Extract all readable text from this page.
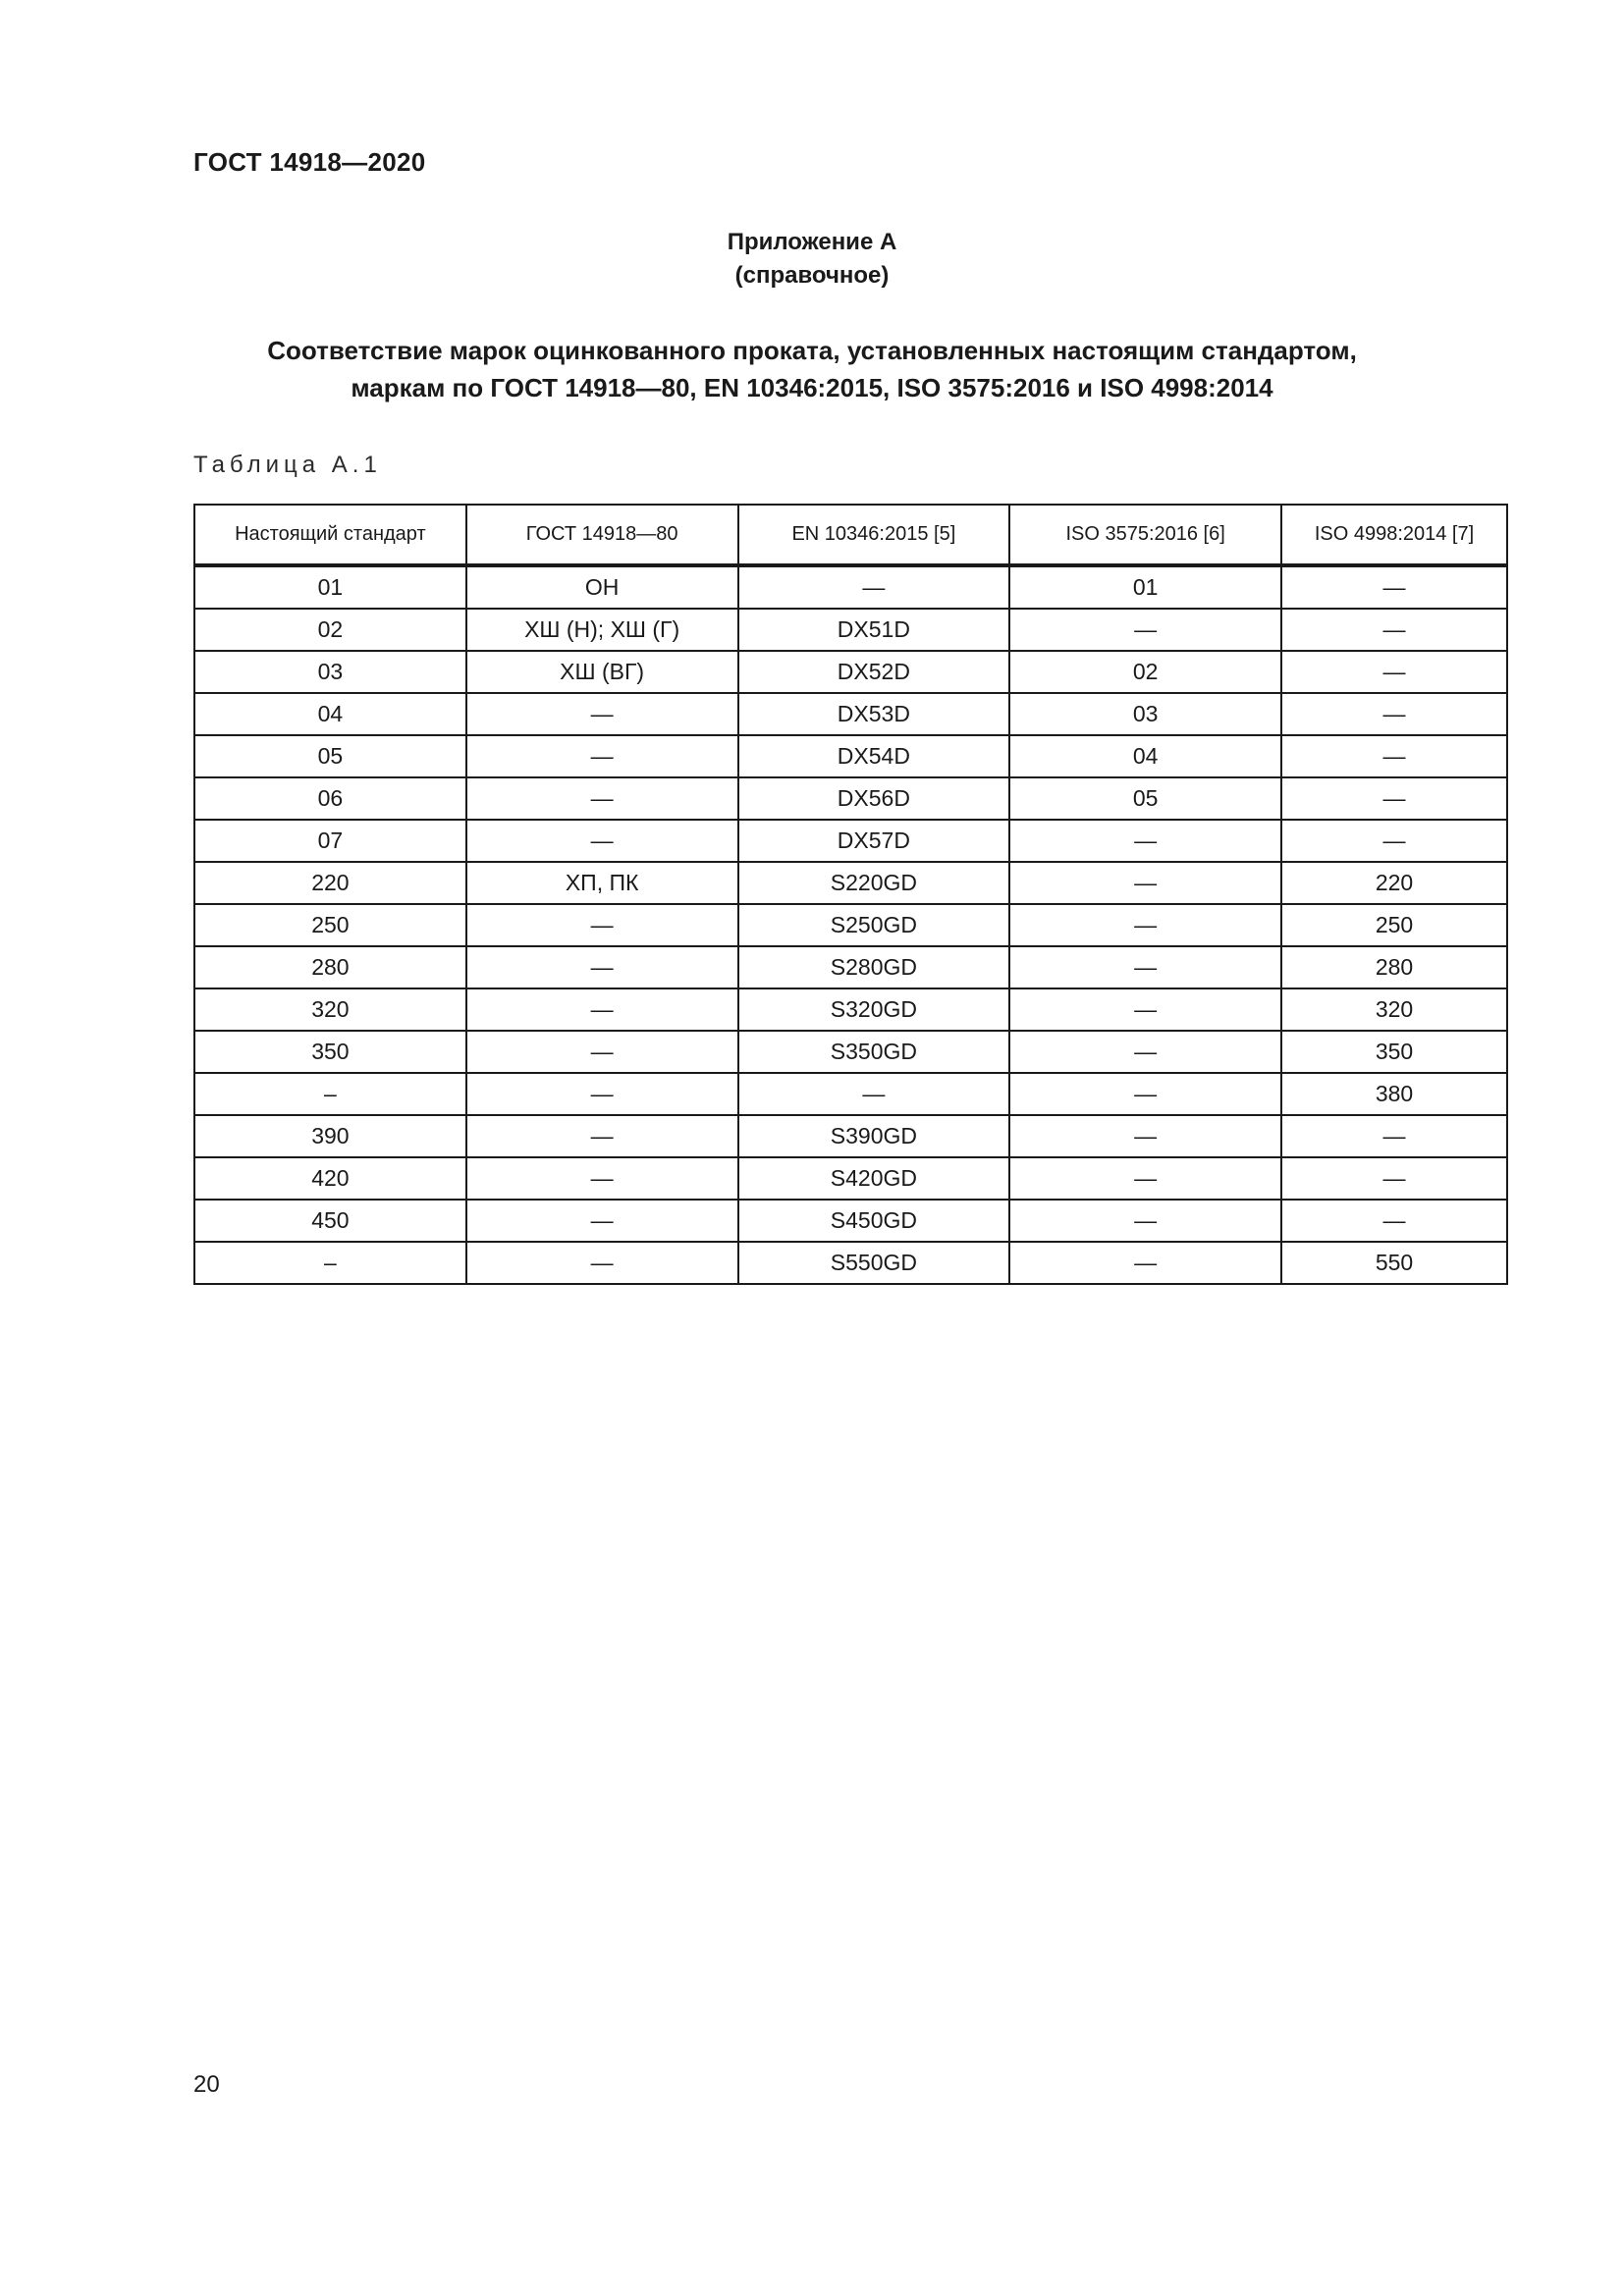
ГОСТ 14918—2020
Приложение А
(справочное)
Соответствие марок оцинкованного проката, установленных настоящим стандартом,
маркам по ГОСТ 14918—80, EN 10346:2015, ISO 3575:2016 и ISO 4998:2014
Таблица А.1
Настоящий стандарт	ГОСТ 14918—80	EN 10346:2015 [5]	ISO 3575:2016 [6]	ISO 4998:2014 [7]
01	ОН	—	01	—
02	ХШ (Н); ХШ (Г)	DX51D	—	—
03	ХШ (ВГ)	DX52D	02	—
04	—	DX53D	03	—
05	—	DX54D	04	—
06	—	DX56D	05	—
07	—	DX57D	—	—
220	ХП, ПК	S220GD	—	220
250	—	S250GD	—	250
280	—	S280GD	—	280
320	—	S320GD	—	320
350	—	S350GD	—	350
–	—	—	—	380
390	—	S390GD	—	—
420	—	S420GD	—	—
450	—	S450GD	—	—
–	—	S550GD	—	550
20
